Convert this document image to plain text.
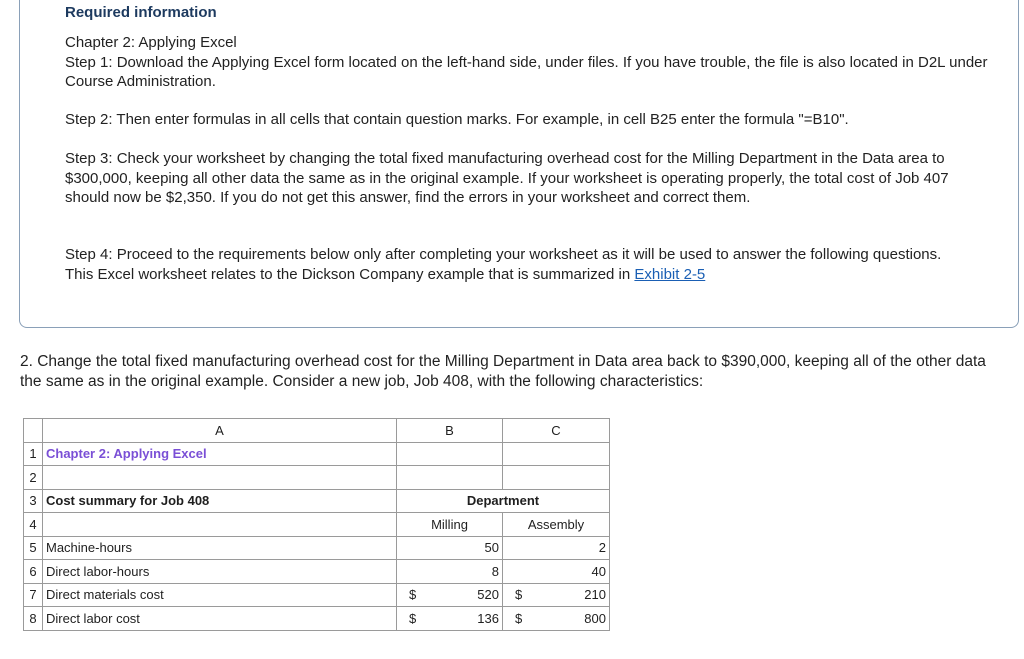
Required information

Chapter 2: Applying Excel

Step 1: Download the Applying Excel form located on the left-hand side, under files. If you have trouble, the file is also located in D2L under Course Administration.

Step 2: Then enter formulas in all cells that contain question marks. For example, in cell B25 enter the formula "=B10".
Step 3: Check your worksheet by changing the total fixed manufacturing overhead cost for the Milling Department in the Data area to $300,000, keeping all other data the same as in the original example. If your worksheet is operating properly, the total cost of Job 407 should now be $2,350. If you do not get this answer, find the errors in your worksheet and correct them.

Step 4: Proceed to the requirements below only after completing your worksheet as it will be used to answer the following questions.

This Excel worksheet relates to the Dickson Company example that is summarized in Exhibit 2-5

2. Change the total fixed manufacturing overhead cost for the Milling Department in Data area back to $390,000, keeping all of the other data the same as in the original example. Consider a new job, Job 408, with the following characteristics:
	A	B	C
1	Chapter 2: Applying Excel		
2			
3	Cost summary for Job 408	Department	
4		Milling	Assembly
5	Machine-hours	50	2
6	Direct labor-hours	8	40
7	Direct materials cost	$ 520	$ 210

8	Direct labor cost	$ 136	$ 800
